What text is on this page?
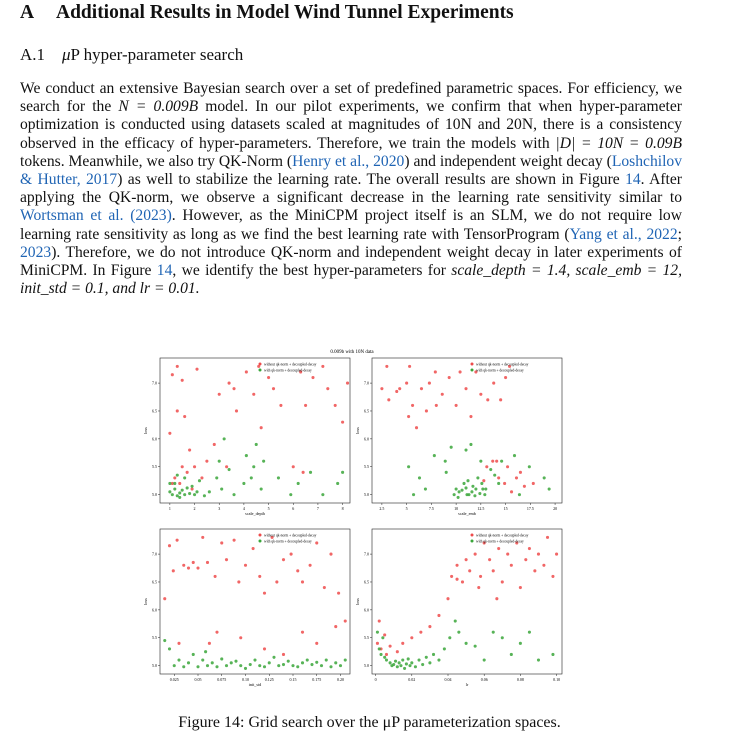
A Additional Results in Model Wind Tunnel Experiments
A.1 μP hyper-parameter search
We conduct an extensive Bayesian search over a set of predefined parametric spaces. For efficiency, we search for the N = 0.009B model. In our pilot experiments, we confirm that when hyper-parameter optimization is conducted using datasets scaled at magnitudes of 10N and 20N, there is a consistency observed in the efficacy of hyper-parameters. Therefore, we train the models with |D| = 10N = 0.09B tokens. Meanwhile, we also try QK-Norm (Henry et al., 2020) and independent weight decay (Loshchilov & Hutter, 2017) as well to stabilize the learning rate. The overall results are shown in Figure 14. After applying the QK-norm, we observe a significant decrease in the learning rate sensitivity similar to Wortsman et al. (2023). However, as the MiniCPM project itself is an SLM, we do not require low learning rate sensitivity as long as we find the best learning rate with TensorProgram (Yang et al., 2022; 2023). Therefore, we do not introduce QK-norm and independent weight decay in later experiments of MiniCPM. In Figure 14, we identify the best hyper-parameters for scale_depth = 1.4, scale_emb = 12, init_std = 0.1, and lr = 0.01.
0.009b with 10N data
1	2	3	4	5	6	7	8
5.0
5.5
6.0
6.5
7.0
scale_depth
loss
without qk-norm + decoupled-decay
with qk-norm + decoupled-decay
2.5	5	7.5	10	12.5	15	17.5	20
5.0
5.5
6.0
6.5
7.0
scale_emb
loss
without qk-norm + decoupled-decay
with qk-norm + decoupled-decay
0.025	0.05	0.075	0.10	0.125	0.15	0.175	0.20
5.0
5.5
6.0
6.5
7.0
init_std
loss
without qk-norm + decoupled-decay
with qk-norm + decoupled-decay
0	0.02	0.04	0.06	0.08	0.10
5.0
5.5
6.0
6.5
7.0
lr
loss
without qk-norm + decoupled-decay
with qk-norm + decoupled-decay
Figure 14: Grid search over the μP parameterization spaces.
